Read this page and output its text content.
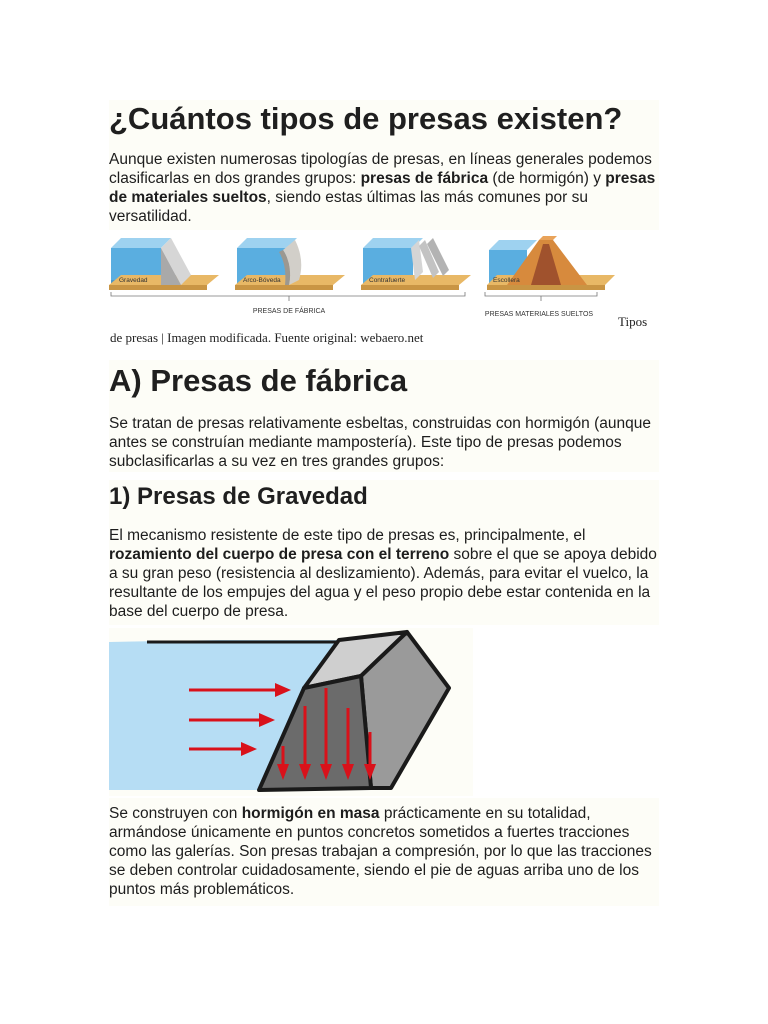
¿Cuántos tipos de presas existen?

Aunque existen numerosas tipologías de presas, en líneas generales podemos clasificarlas en dos grandes grupos: presas de fábrica (de hormigón) y presas de materiales sueltos, siendo estas últimas las más comunes por su versatilidad.

Gravedad	Arco-Bóveda	Contrafuerte	Escollera
PRESAS DE FÁBRICA	PRESAS MATERIALES SUELTOS Tipos
de presas | Imagen modificada. Fuente original: webaero.net
A) Presas de fábrica

Se tratan de presas relativamente esbeltas, construidas con hormigón (aunque antes se construían mediante mampostería). Este tipo de presas podemos subclasificarlas a su vez en tres grandes grupos:

1) Presas de Gravedad

El mecanismo resistente de este tipo de presas es, principalmente, el rozamiento del cuerpo de presa con el terreno sobre el que se apoya debido a su gran peso (resistencia al deslizamiento). Además, para evitar el vuelco, la resultante de los empujes del agua y el peso propio debe estar contenida en la base del cuerpo de presa.

Se construyen con hormigón en masa prácticamente en su totalidad, armándose únicamente en puntos concretos sometidos a fuertes tracciones como las galerías. Son presas trabajan a compresión, por lo que las tracciones se deben controlar cuidadosamente, siendo el pie de aguas arriba uno de los puntos más problemáticos.
